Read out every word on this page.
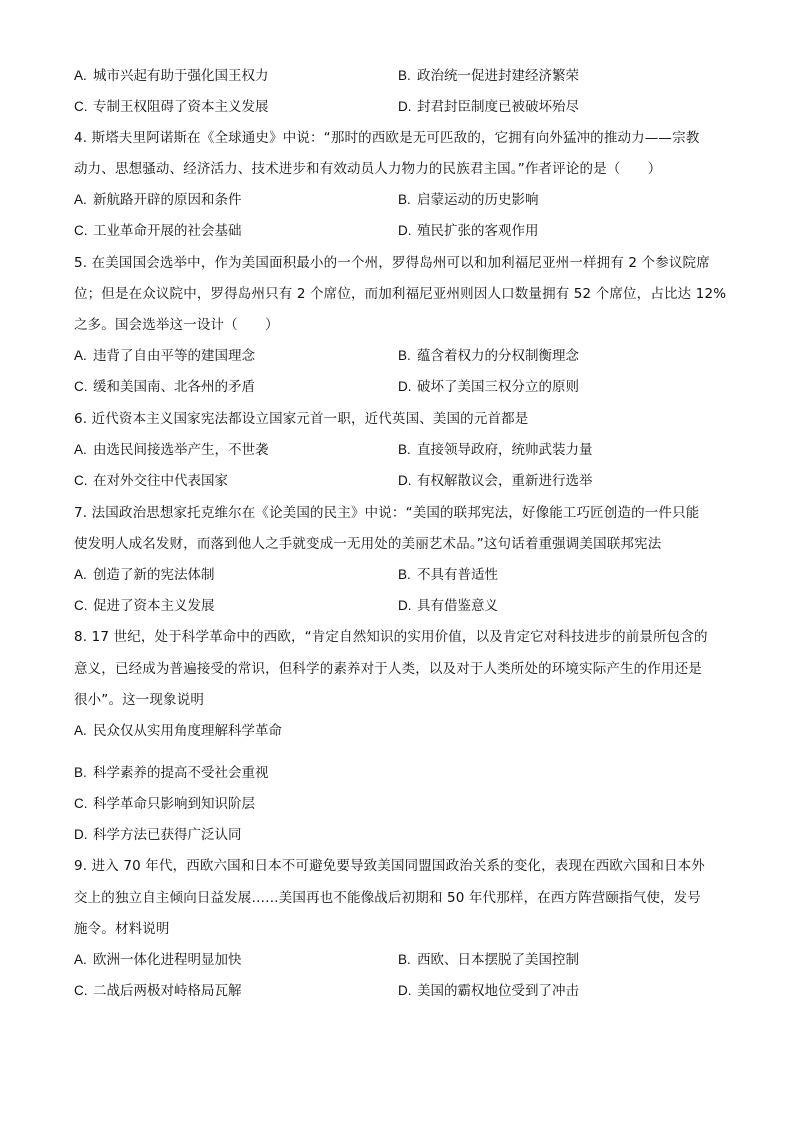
A. 城市兴起有助于强化国王权力	B. 政治统一促进封建经济繁荣
C. 专制王权阻碍了资本主义发展	D. 封君封臣制度已被破坏殆尽
4. 斯塔夫里阿诺斯在《全球通史》中说：“那时的西欧是无可匹敌的，它拥有向外猛冲的推动力——宗教
动力、思想骚动、经济活力、技术进步和有效动员人力物力的民族君主国。”作者评论的是（　　）
A. 新航路开辟的原因和条件	B. 启蒙运动的历史影响
C. 工业革命开展的社会基础	D. 殖民扩张的客观作用
5. 在美国国会选举中，作为美国面积最小的一个州，罗得岛州可以和加利福尼亚州一样拥有 2 个参议院席
位；但是在众议院中，罗得岛州只有 2 个席位，而加利福尼亚州则因人口数量拥有 52 个席位，占比达 12%
之多。国会选举这一设计（　　）
A. 违背了自由平等的建国理念	B. 蕴含着权力的分权制衡理念
C. 缓和美国南、北各州的矛盾	D. 破坏了美国三权分立的原则
6. 近代资本主义国家宪法都设立国家元首一职，近代英国、美国的元首都是
A. 由选民间接选举产生，不世袭	B. 直接领导政府，统帅武装力量
C. 在对外交往中代表国家	D. 有权解散议会，重新进行选举
7. 法国政治思想家托克维尔在《论美国的民主》中说：“美国的联邦宪法，好像能工巧匠创造的一件只能
使发明人成名发财，而落到他人之手就变成一无用处的美丽艺术品。”这句话着重强调美国联邦宪法
A. 创造了新的宪法体制	B. 不具有普适性
C. 促进了资本主义发展	D. 具有借鉴意义
8. 17 世纪，处于科学革命中的西欧，“肯定自然知识的实用价值，以及肯定它对科技进步的前景所包含的
意义，已经成为普遍接受的常识，但科学的素养对于人类，以及对于人类所处的环境实际产生的作用还是
很小”。这一现象说明
A. 民众仅从实用角度理解科学革命
B. 科学素养的提高不受社会重视
C. 科学革命只影响到知识阶层
D. 科学方法已获得广泛认同
9. 进入 70 年代，西欧六国和日本不可避免要导致美国同盟国政治关系的变化，表现在西欧六国和日本外
交上的独立自主倾向日益发展……美国再也不能像战后初期和 50 年代那样，在西方阵营颐指气使，发号
施令。材料说明
A. 欧洲一体化进程明显加快	B. 西欧、日本摆脱了美国控制
C. 二战后两极对峙格局瓦解	D. 美国的霸权地位受到了冲击
